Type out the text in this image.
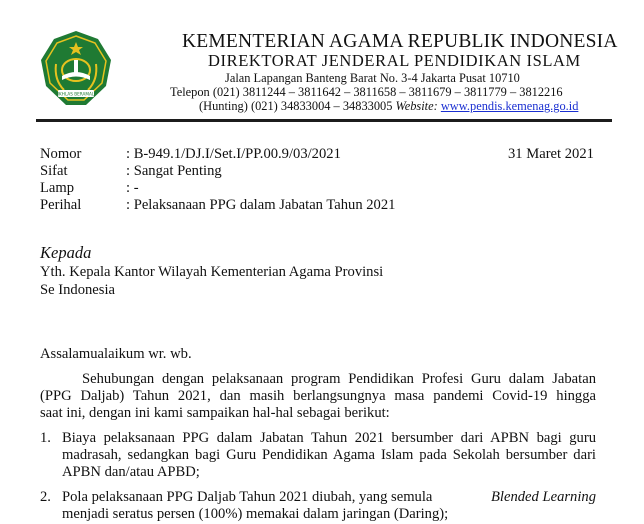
IKHLAS BERAMAL
KEMENTERIAN AGAMA REPUBLIK INDONESIA
DIREKTORAT JENDERAL PENDIDIKAN ISLAM
Jalan Lapangan Banteng Barat No. 3-4 Jakarta Pusat 10710
Telepon (021) 3811244 – 3811642 – 3811658 – 3811679 – 3811779 – 3812216
(Hunting) (021) 34833004 – 34833005 Website: www.pendis.kemenag.go.id
Nomor	: B-949.1/DJ.I/Set.I/PP.00.9/03/2021	31 Maret 2021
Sifat	: Sangat Penting
Lamp	: -
Perihal	: Pelaksanaan PPG dalam Jabatan Tahun 2021
Kepada
Yth. Kepala Kantor Wilayah Kementerian Agama Provinsi
Se Indonesia
Assalamualaikum wr. wb.
Sehubungan dengan pelaksanaan program Pendidikan Profesi Guru dalam Jabatan
(PPG Daljab) Tahun 2021, dan masih berlangsungnya masa pandemi Covid-19 hingga
saat ini, dengan ini kami sampaikan hal-hal sebagai berikut:
1. Biaya pelaksanaan PPG dalam Jabatan Tahun 2021 bersumber dari APBN bagi guru
madrasah, sedangkan bagi Guru Pendidikan Agama Islam pada Sekolah bersumber dari
APBN dan/atau APBD;
2. Pola pelaksanaan PPG Daljab Tahun 2021 diubah, yang semula	Blended Learning
menjadi seratus persen (100%) memakai dalam jaringan (Daring);
